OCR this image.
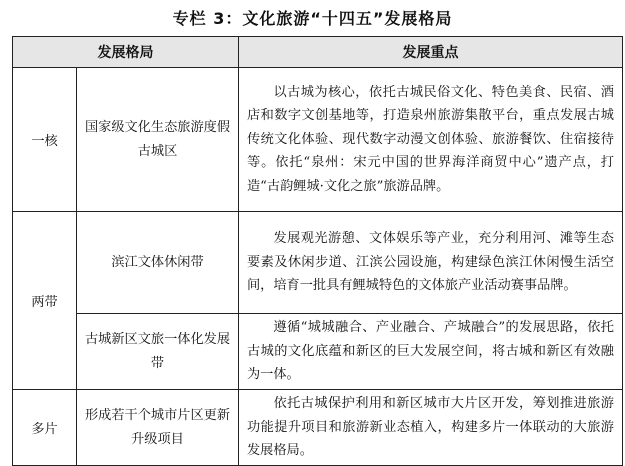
专栏 3：文化旅游“十四五”发展格局
发展格局		发展重点
一核	国家级文化生态旅游度假古城区	以古城为核心，依托古城民俗文化、特色美食、民宿、酒店和数字文创基地等，打造泉州旅游集散平台，重点发展古城传统文化体验、现代数字动漫文创体验、旅游餐饮、住宿接待等。依托“泉州：宋元中国的世界海洋商贸中心”遗产点，打造“古韵鲤城·文化之旅”旅游品牌。
两带	滨江文体休闲带	发展观光游憩、文体娱乐等产业，充分利用河、滩等生态要素及休闲步道、江滨公园设施，构建绿色滨江休闲慢生活空间，培育一批具有鲤城特色的文体旅产业活动赛事品牌。
	古城新区文旅一体化发展带	遵循“城城融合、产业融合、产城融合”的发展思路，依托古城的文化底蕴和新区的巨大发展空间，将古城和新区有效融为一体。
多片	形成若干个城市片区更新升级项目	依托古城保护利用和新区城市大片区开发，筹划推进旅游功能提升项目和旅游新业态植入，构建多片一体联动的大旅游发展格局。
